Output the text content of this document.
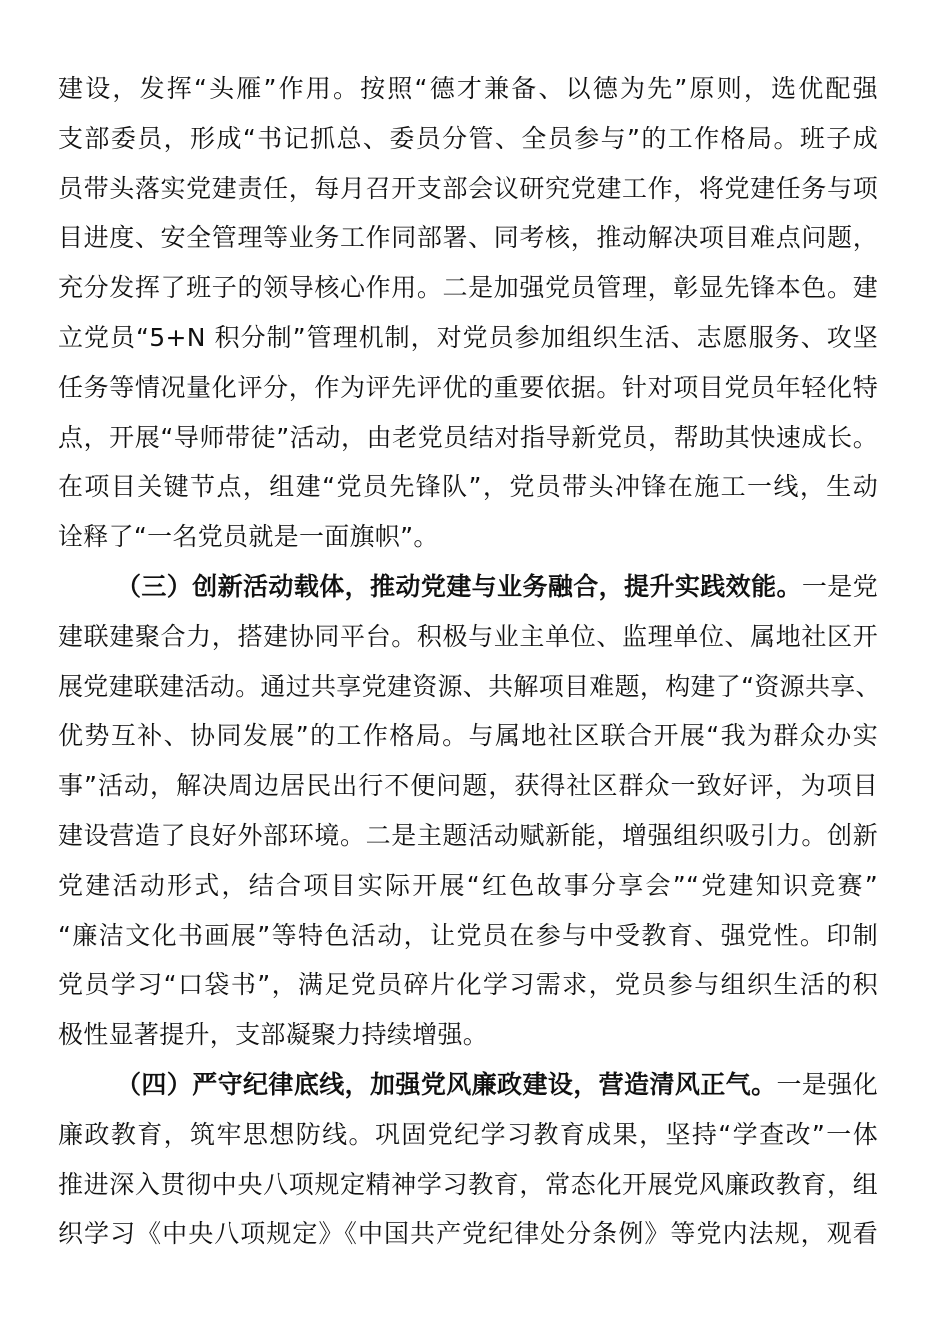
建设，发挥“头雁”作用。按照“德才兼备、以德为先”原则，选优配强
支部委员，形成“书记抓总、委员分管、全员参与”的工作格局。班子成
员带头落实党建责任，每月召开支部会议研究党建工作，将党建任务与项
目进度、安全管理等业务工作同部署、同考核，推动解决项目难点问题，
充分发挥了班子的领导核心作用。二是加强党员管理，彰显先锋本色。建
立党员“5+N 积分制”管理机制，对党员参加组织生活、志愿服务、攻坚
任务等情况量化评分，作为评先评优的重要依据。针对项目党员年轻化特
点，开展“导师带徒”活动，由老党员结对指导新党员，帮助其快速成长。
在项目关键节点，组建“党员先锋队”，党员带头冲锋在施工一线，生动
诠释了“一名党员就是一面旗帜”。
（三）创新活动载体，推动党建与业务融合，提升实践效能。一是党
建联建聚合力，搭建协同平台。积极与业主单位、监理单位、属地社区开
展党建联建活动。通过共享党建资源、共解项目难题，构建了“资源共享、
优势互补、协同发展”的工作格局。与属地社区联合开展“我为群众办实
事”活动，解决周边居民出行不便问题，获得社区群众一致好评，为项目
建设营造了良好外部环境。二是主题活动赋新能，增强组织吸引力。创新
党建活动形式，结合项目实际开展“红色故事分享会”“党建知识竞赛”
“廉洁文化书画展”等特色活动，让党员在参与中受教育、强党性。印制
党员学习“口袋书”，满足党员碎片化学习需求，党员参与组织生活的积
极性显著提升，支部凝聚力持续增强。
（四）严守纪律底线，加强党风廉政建设，营造清风正气。一是强化
廉政教育，筑牢思想防线。巩固党纪学习教育成果，坚持“学查改”一体
推进深入贯彻中央八项规定精神学习教育，常态化开展党风廉政教育，组
织学习《中央八项规定》《中国共产党纪律处分条例》等党内法规，观看
